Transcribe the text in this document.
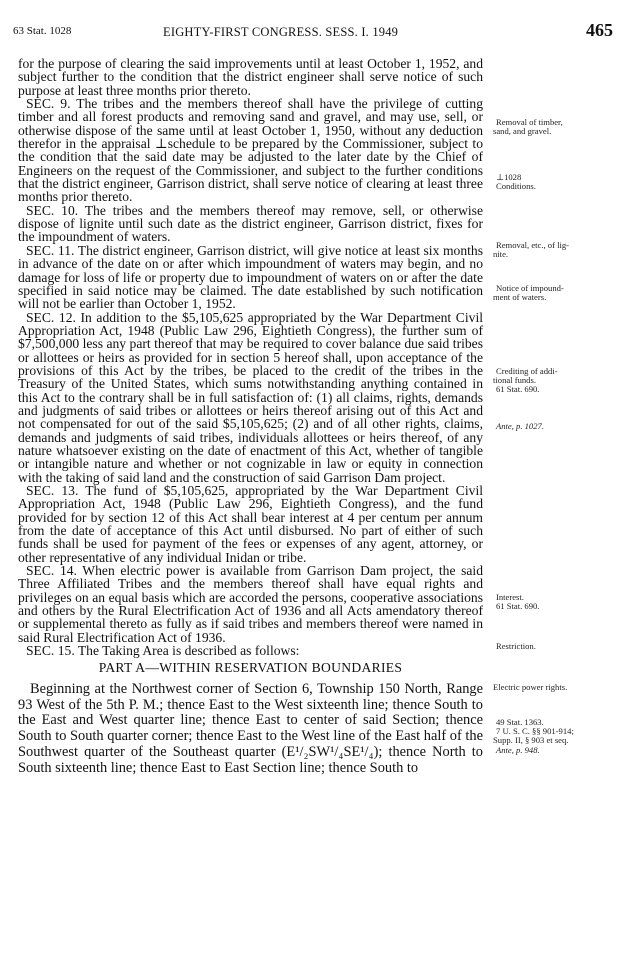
63 Stat. 1028	EIGHTY-FIRST CONGRESS. SESS. I. 1949	465

for the purpose of clearing the said improvements until at least October 1, 1952, and subject further to the condition that the district engineer shall serve notice of such purpose at least three months prior thereto.

SEC. 9. The tribes and the members thereof shall have the privilege of cutting timber and all forest products and removing sand and gravel, and may use, sell, or otherwise dispose of the same until at least October 1, 1950, without any deduction therefor in the appraisal ⊥schedule to be prepared by the Commissioner, subject to the condition that the said date may be adjusted to the later date by the Chief of Engineers on the request of the Commissioner, and subject to the further conditions that the district engineer, Garrison district, shall serve notice of clearing at least three months prior thereto.

SEC. 10. The tribes and the members thereof may remove, sell, or otherwise dispose of lignite until such date as the district engineer, Garrison district, fixes for the impoundment of waters.

SEC. 11. The district engineer, Garrison district, will give notice at least six months in advance of the date on or after which impoundment of waters may begin, and no damage for loss of life or property due to impoundment of waters on or after the date specified in said notice may be claimed. The date established by such notification will not be earlier than October 1, 1952.

SEC. 12. In addition to the $5,105,625 appropriated by the War Department Civil Appropriation Act, 1948 (Public Law 296, Eightieth Congress), the further sum of $7,500,000 less any part thereof that may be required to cover balance due said tribes or allottees or heirs as provided for in section 5 hereof shall, upon acceptance of the provisions of this Act by the tribes, be placed to the credit of the tribes in the Treasury of the United States, which sums notwithstanding anything contained in this Act to the contrary shall be in full satisfaction of: (1) all claims, rights, demands and judgments of said tribes or allottees or heirs thereof arising out of this Act and not compensated for out of the said $5,105,625; (2) and of all other rights, claims, demands and judgments of said tribes, individuals allottees or heirs thereof, of any nature whatsoever existing on the date of enactment of this Act, whether of tangible or intangible nature and whether or not cognizable in law or equity in connection with the taking of said land and the construction of said Garrison Dam project.

SEC. 13. The fund of $5,105,625, appropriated by the War Department Civil Appropriation Act, 1948 (Public Law 296, Eightieth Congress), and the fund provided for by section 12 of this Act shall bear interest at 4 per centum per annum from the date of acceptance of this Act until disbursed. No part of either of such funds shall be used for payment of the fees or expenses of any agent, attorney, or other representative of any individual Inidan or tribe.

SEC. 14. When electric power is available from Garrison Dam project, the said Three Affiliated Tribes and the members thereof shall have equal rights and privileges on an equal basis which are accorded the persons, cooperative associations and others by the Rural Electrification Act of 1936 and all Acts amendatory thereof or supplemental thereto as fully as if said tribes and members thereof were named in said Rural Electrification Act of 1936.

SEC. 15. The Taking Area is described as follows:

PART A—WITHIN RESERVATION BOUNDARIES

Beginning at the Northwest corner of Section 6, Township 150 North, Range 93 West of the 5th P. M.; thence East to the West sixteenth line; thence South to the East and West quarter line; thence East to center of said Section; thence South to South quarter corner; thence East to the West line of the East half of the Southwest quarter of the Southeast quarter (E¹/₂SW¹/₄SE¹/₄); thence North to South sixteenth line; thence East to East Section line; thence South to

Removal of timber,
sand, and gravel.
⊥1028
Conditions.
Removal, etc., of lig-
nite.
Notice of impound-
ment of waters.
Crediting of addi-
tional funds.
61 Stat. 690.
Ante, p. 1027.
Interest.
61 Stat. 690.
Restriction.
Electric power rights.
49 Stat. 1363.
7 U. S. C. §§ 901-914;
Supp. II, § 903 et seq.
Ante, p. 948.
